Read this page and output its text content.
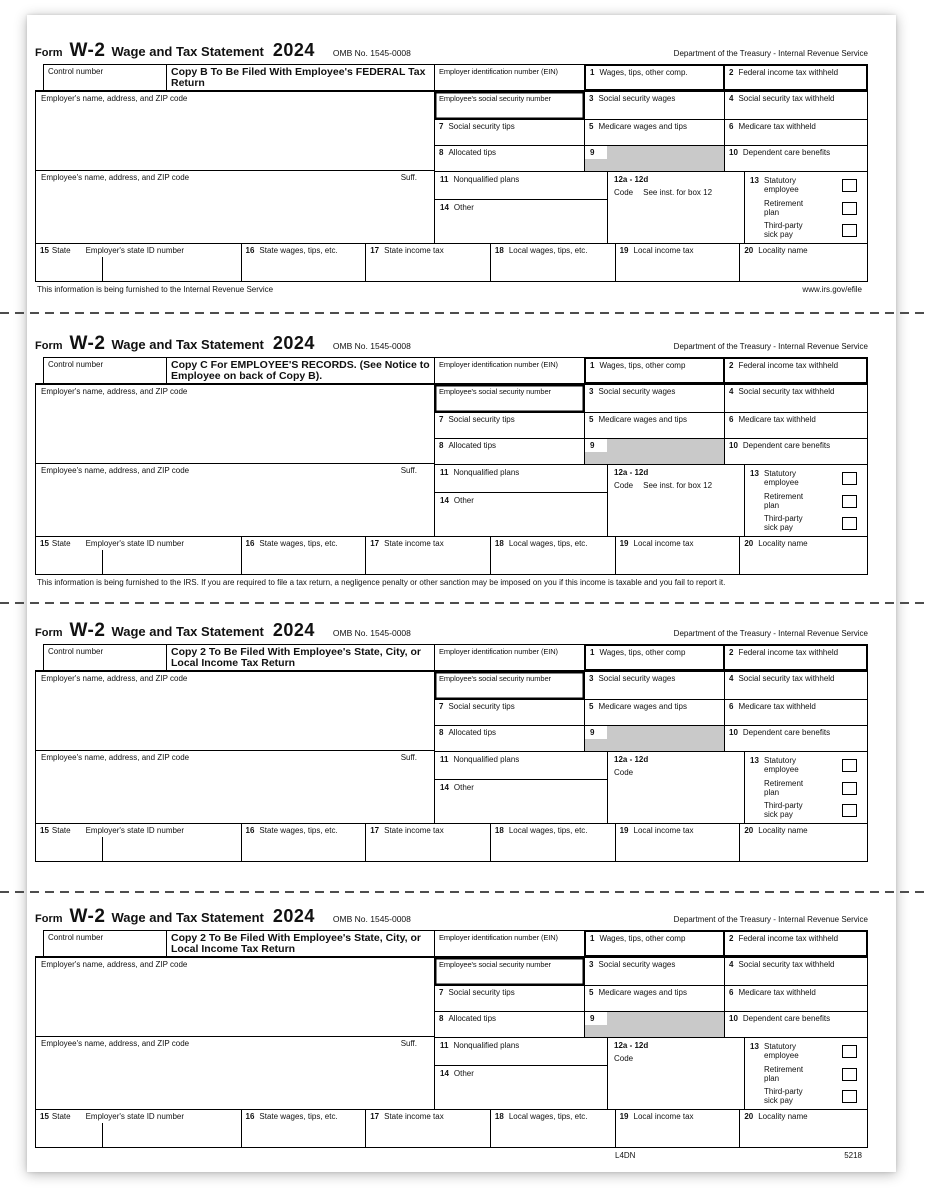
Form W-2 Wage and Tax Statement 2024 OMB No. 1545-0008	Department of the Treasury - Internal Revenue Service
Control number	Copy B To Be Filed With Employee's FEDERAL Tax Return
Employer identification number (EIN)	1 Wages, tips, other comp.	2 Federal income tax withheld
Employer's name, address, and ZIP code
Employee's name, address, and ZIP code	Suff.
Employee's social security number	3 Social security wages	4 Social security tax withheld
7 Social security tips	5 Medicare wages and tips	6 Medicare tax withheld
8 Allocated tips	9	10 Dependent care benefits
11 Nonqualified plans
14 Other
12a - 12d
Code See inst. for box 12
13 Statutory employee
Retirement plan
Third-party sick pay
15 State Employer's state ID number	16 State wages, tips, etc.	17 State income tax	18 Local wages, tips, etc.	19 Local income tax	20 Locality name
This information is being furnished to the Internal Revenue Service	www.irs.gov/efile
Form W-2 Wage and Tax Statement 2024 OMB No. 1545-0008	Department of the Treasury - Internal Revenue Service
Control number	Copy C For EMPLOYEE'S RECORDS. (See Notice to Employee on back of Copy B).
Employer identification number (EIN)	1 Wages, tips, other comp	2 Federal income tax withheld
Employer's name, address, and ZIP code
Employee's name, address, and ZIP code	Suff.
Employee's social security number	3 Social security wages	4 Social security tax withheld
7 Social security tips	5 Medicare wages and tips	6 Medicare tax withheld
8 Allocated tips	9	10 Dependent care benefits
11 Nonqualified plans
14 Other
12a - 12d
Code See inst. for box 12
13 Statutory employee
Retirement plan
Third-party sick pay
15 State Employer's state ID number	16 State wages, tips, etc.	17 State income tax	18 Local wages, tips, etc.	19 Local income tax	20 Locality name
This information is being furnished to the IRS. If you are required to file a tax return, a negligence penalty or other sanction may be imposed on you if this income is taxable and you fail to report it.
Form W-2 Wage and Tax Statement 2024 OMB No. 1545-0008	Department of the Treasury - Internal Revenue Service
Control number	Copy 2 To Be Filed With Employee's State, City, or Local Income Tax Return
Employer identification number (EIN)	1 Wages, tips, other comp	2 Federal income tax withheld
Employer's name, address, and ZIP code
Employee's name, address, and ZIP code	Suff.
Employee's social security number	3 Social security wages	4 Social security tax withheld
7 Social security tips	5 Medicare wages and tips	6 Medicare tax withheld
8 Allocated tips	9	10 Dependent care benefits
11 Nonqualified plans
14 Other
12a - 12d
Code
13 Statutory employee
Retirement plan
Third-party sick pay
15 State Employer's state ID number	16 State wages, tips, etc.	17 State income tax	18 Local wages, tips, etc.	19 Local income tax	20 Locality name
Form W-2 Wage and Tax Statement 2024 OMB No. 1545-0008	Department of the Treasury - Internal Revenue Service
Control number	Copy 2 To Be Filed With Employee's State, City, or Local Income Tax Return
Employer identification number (EIN)	1 Wages, tips, other comp	2 Federal income tax withheld
Employer's name, address, and ZIP code
Employee's name, address, and ZIP code	Suff.
Employee's social security number	3 Social security wages	4 Social security tax withheld
7 Social security tips	5 Medicare wages and tips	6 Medicare tax withheld
8 Allocated tips	9	10 Dependent care benefits
11 Nonqualified plans
14 Other
12a - 12d
Code
13 Statutory employee
Retirement plan
Third-party sick pay
15 State Employer's state ID number	16 State wages, tips, etc.	17 State income tax	18 Local wages, tips, etc.	19 Local income tax	20 Locality name
L4DN	5218
